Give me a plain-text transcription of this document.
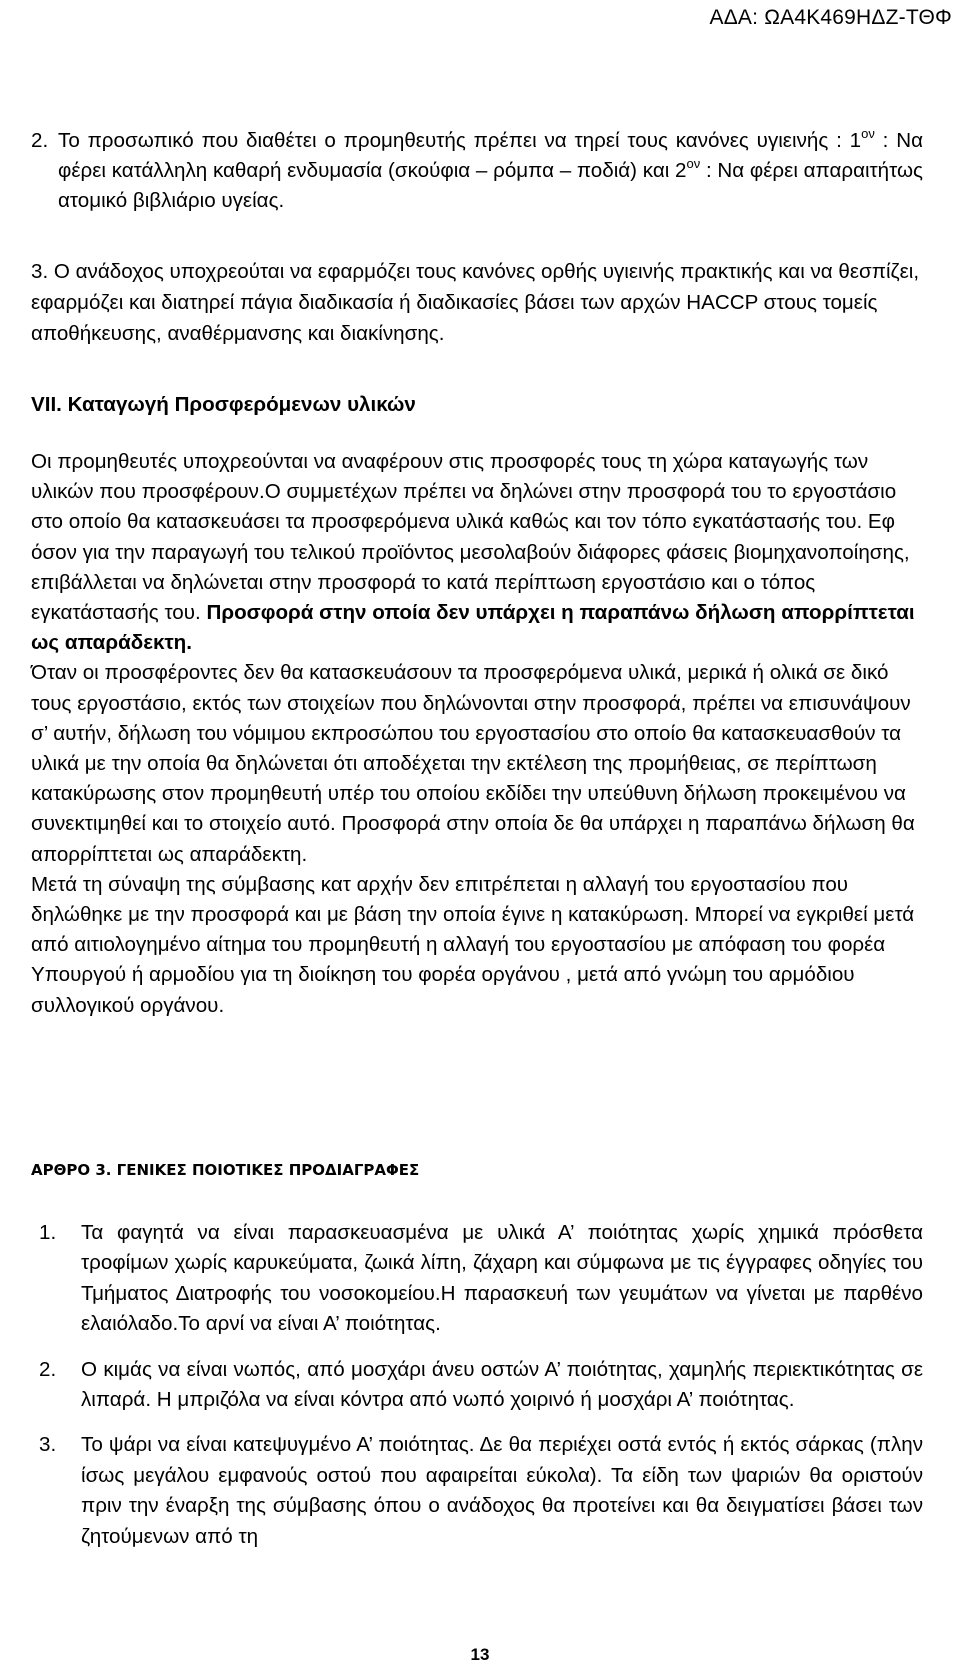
ΑΔΑ: ΩΑ4Κ469ΗΔΖ-ΤΘΦ
2. Το προσωπικό που διαθέτει ο προμηθευτής πρέπει να τηρεί τους κανόνες υγιεινής : $1^{o\nu}$ : Να φέρει κατάλληλη καθαρή ενδυμασία (σκούφια – ρόμπα – ποδιά) και $2^{o\nu}$ : Να φέρει απαραιτήτως ατομικό βιβλιάριο υγείας.
3. Ο ανάδοχος υποχρεούται να εφαρμόζει τους κανόνες ορθής υγιεινής πρακτικής και να θεσπίζει, εφαρμόζει και διατηρεί πάγια διαδικασία ή διαδικασίες βάσει των αρχών HACCP στους τομείς αποθήκευσης, αναθέρμανσης και διακίνησης.
VII. Καταγωγή Προσφερόμενων υλικών

Οι προμηθευτές υποχρεούνται να αναφέρουν στις προσφορές τους τη χώρα καταγωγής των υλικών που προσφέρουν.Ο συμμετέχων πρέπει να δηλώνει στην προσφορά του το εργοστάσιο στο οποίο θα κατασκευάσει τα προσφερόμενα υλικά καθώς και τον τόπο εγκατάστασής του. Εφ όσον για την παραγωγή του τελικού προϊόντος μεσολαβούν διάφορες φάσεις βιομηχανοποίησης, επιβάλλεται να δηλώνεται στην προσφορά το κατά περίπτωση εργοστάσιο και ο τόπος εγκατάστασής του. Προσφορά στην οποία δεν υπάρχει η παραπάνω δήλωση απορρίπτεται ως απαράδεκτη.

Όταν οι προσφέροντες δεν θα κατασκευάσουν τα προσφερόμενα υλικά, μερικά ή ολικά σε δικό τους εργοστάσιο, εκτός των στοιχείων που δηλώνονται στην προσφορά, πρέπει να επισυνάψουν σ’ αυτήν, δήλωση του νόμιμου εκπροσώπου του εργοστασίου στο οποίο θα κατασκευασθούν τα υλικά με την οποία θα δηλώνεται ότι αποδέχεται την εκτέλεση της προμήθειας, σε περίπτωση κατακύρωσης στον προμηθευτή υπέρ του οποίου εκδίδει την υπεύθυνη δήλωση προκειμένου να συνεκτιμηθεί και το στοιχείο αυτό. Προσφορά στην οποία δε θα υπάρχει η παραπάνω δήλωση θα απορρίπτεται ως απαράδεκτη.

Μετά τη σύναψη της σύμβασης κατ αρχήν δεν επιτρέπεται η αλλαγή του εργοστασίου που δηλώθηκε με την προσφορά και με βάση την οποία έγινε η κατακύρωση. Μπορεί να εγκριθεί μετά από αιτιολογημένο αίτημα του προμηθευτή η αλλαγή του εργοστασίου με απόφαση του φορέα Υπουργού ή αρμοδίου για τη διοίκηση του φορέα οργάνου , μετά από γνώμη του αρμόδιου συλλογικού οργάνου.

ΑΡΘΡΟ 3. ΓΕΝΙΚΕΣ ΠΟΙΟΤΙΚΕΣ ΠΡΟΔΙΑΓΡΑΦΕΣ
1. Τα φαγητά να είναι παρασκευασμένα με υλικά Α’ ποιότητας χωρίς χημικά πρόσθετα τροφίμων χωρίς καρυκεύματα, ζωικά λίπη, ζάχαρη και σύμφωνα με τις έγγραφες οδηγίες του Τμήματος Διατροφής του νοσοκομείου.Η παρασκευή των γευμάτων να γίνεται με παρθένο ελαιόλαδο.Το αρνί να είναι Α’ ποιότητας.
2. Ο κιμάς να είναι νωπός, από μοσχάρι άνευ οστών Α’ ποιότητας, χαμηλής περιεκτικότητας σε λιπαρά. Η μπριζόλα να είναι κόντρα από νωπό χοιρινό ή μοσχάρι Α’ ποιότητας.
3. Το ψάρι να είναι κατεψυγμένο Α’ ποιότητας. Δε θα περιέχει οστά εντός ή εκτός σάρκας (πλην ίσως μεγάλου εμφανούς οστού που αφαιρείται εύκολα). Τα είδη των ψαριών θα οριστούν πριν την έναρξη της σύμβασης όπου ο ανάδοχος θα προτείνει και θα δειγματίσει βάσει των ζητούμενων από τη
13
